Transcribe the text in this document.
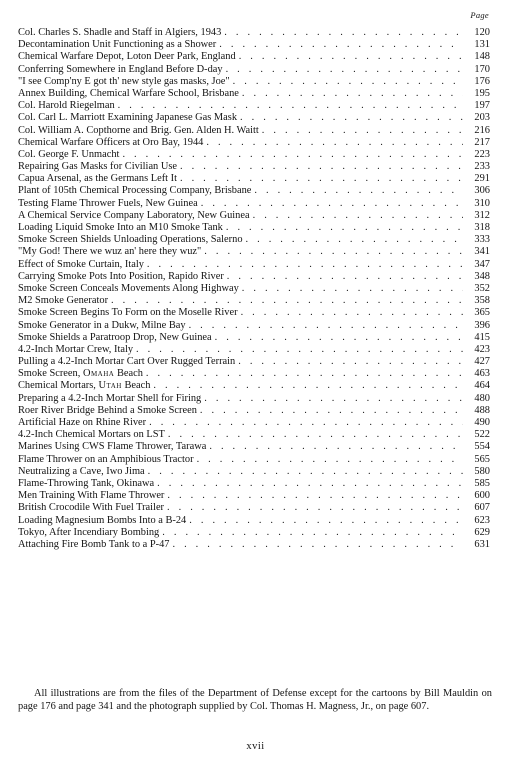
Page
Col. Charles S. Shadle and Staff in Algiers, 1943 . . .	120
Decontamination Unit Functioning as a Shower . . .	131
Chemical Warfare Depot, Loton Deer Park, England . . .	148
Conferring Somewhere in England Before D-day . . .	170
"I see Comp'ny E got th' new style gas masks, Joe" . . .	176
Annex Building, Chemical Warfare School, Brisbane . . .	195
Col. Harold Riegelman . . .	197
Col. Carl L. Marriott Examining Japanese Gas Mask . . .	203
Col. William A. Copthorne and Brig. Gen. Alden H. Waitt . . .	216
Chemical Warfare Officers at Oro Bay, 1944 . . .	217
Col. George F. Unmacht . . .	223
Repairing Gas Masks for Civilian Use . . .	233
Capua Arsenal, as the Germans Left It . . .	291
Plant of 105th Chemical Processing Company, Brisbane . . .	306
Testing Flame Thrower Fuels, New Guinea . . .	310
A Chemical Service Company Laboratory, New Guinea . . .	312
Loading Liquid Smoke Into an M10 Smoke Tank . . .	318
Smoke Screen Shields Unloading Operations, Salerno . . .	333
"My God! There we wuz an' here they wuz" . . .	341
Effect of Smoke Curtain, Italy . . .	347
Carrying Smoke Pots Into Position, Rapido River . . .	348
Smoke Screen Conceals Movements Along Highway . . .	352
M2 Smoke Generator . . .	358
Smoke Screen Begins To Form on the Moselle River . . .	365
Smoke Generator in a Dukw, Milne Bay . . .	396
Smoke Shields a Paratroop Drop, New Guinea . . .	415
4.2-Inch Mortar Crew, Italy . . .	423
Pulling a 4.2-Inch Mortar Cart Over Rugged Terrain . . .	427
Smoke Screen, Omaha Beach . . .	463
Chemical Mortars, Utah Beach . . .	464
Preparing a 4.2-Inch Mortar Shell for Firing . . .	480
Roer River Bridge Behind a Smoke Screen . . .	488
Artificial Haze on Rhine River . . .	490
4.2-Inch Chemical Mortars on LST . . .	522
Marines Using CWS Flame Thrower, Tarawa . . .	554
Flame Thrower on an Amphibious Tractor . . .	565
Neutralizing a Cave, Iwo Jima . . .	580
Flame-Throwing Tank, Okinawa . . .	585
Men Training With Flame Thrower . . .	600
British Crocodile With Fuel Trailer . . .	607
Loading Magnesium Bombs Into a B-24 . . .	623
Tokyo, After Incendiary Bombing . . .	629
Attaching Fire Bomb Tank to a P-47 . . .	631

All illustrations are from the files of the Department of Defense except for the cartoons by Bill Mauldin on page 176 and page 341 and the photograph supplied by Col. Thomas H. Magness, Jr., on page 607.

xvii
